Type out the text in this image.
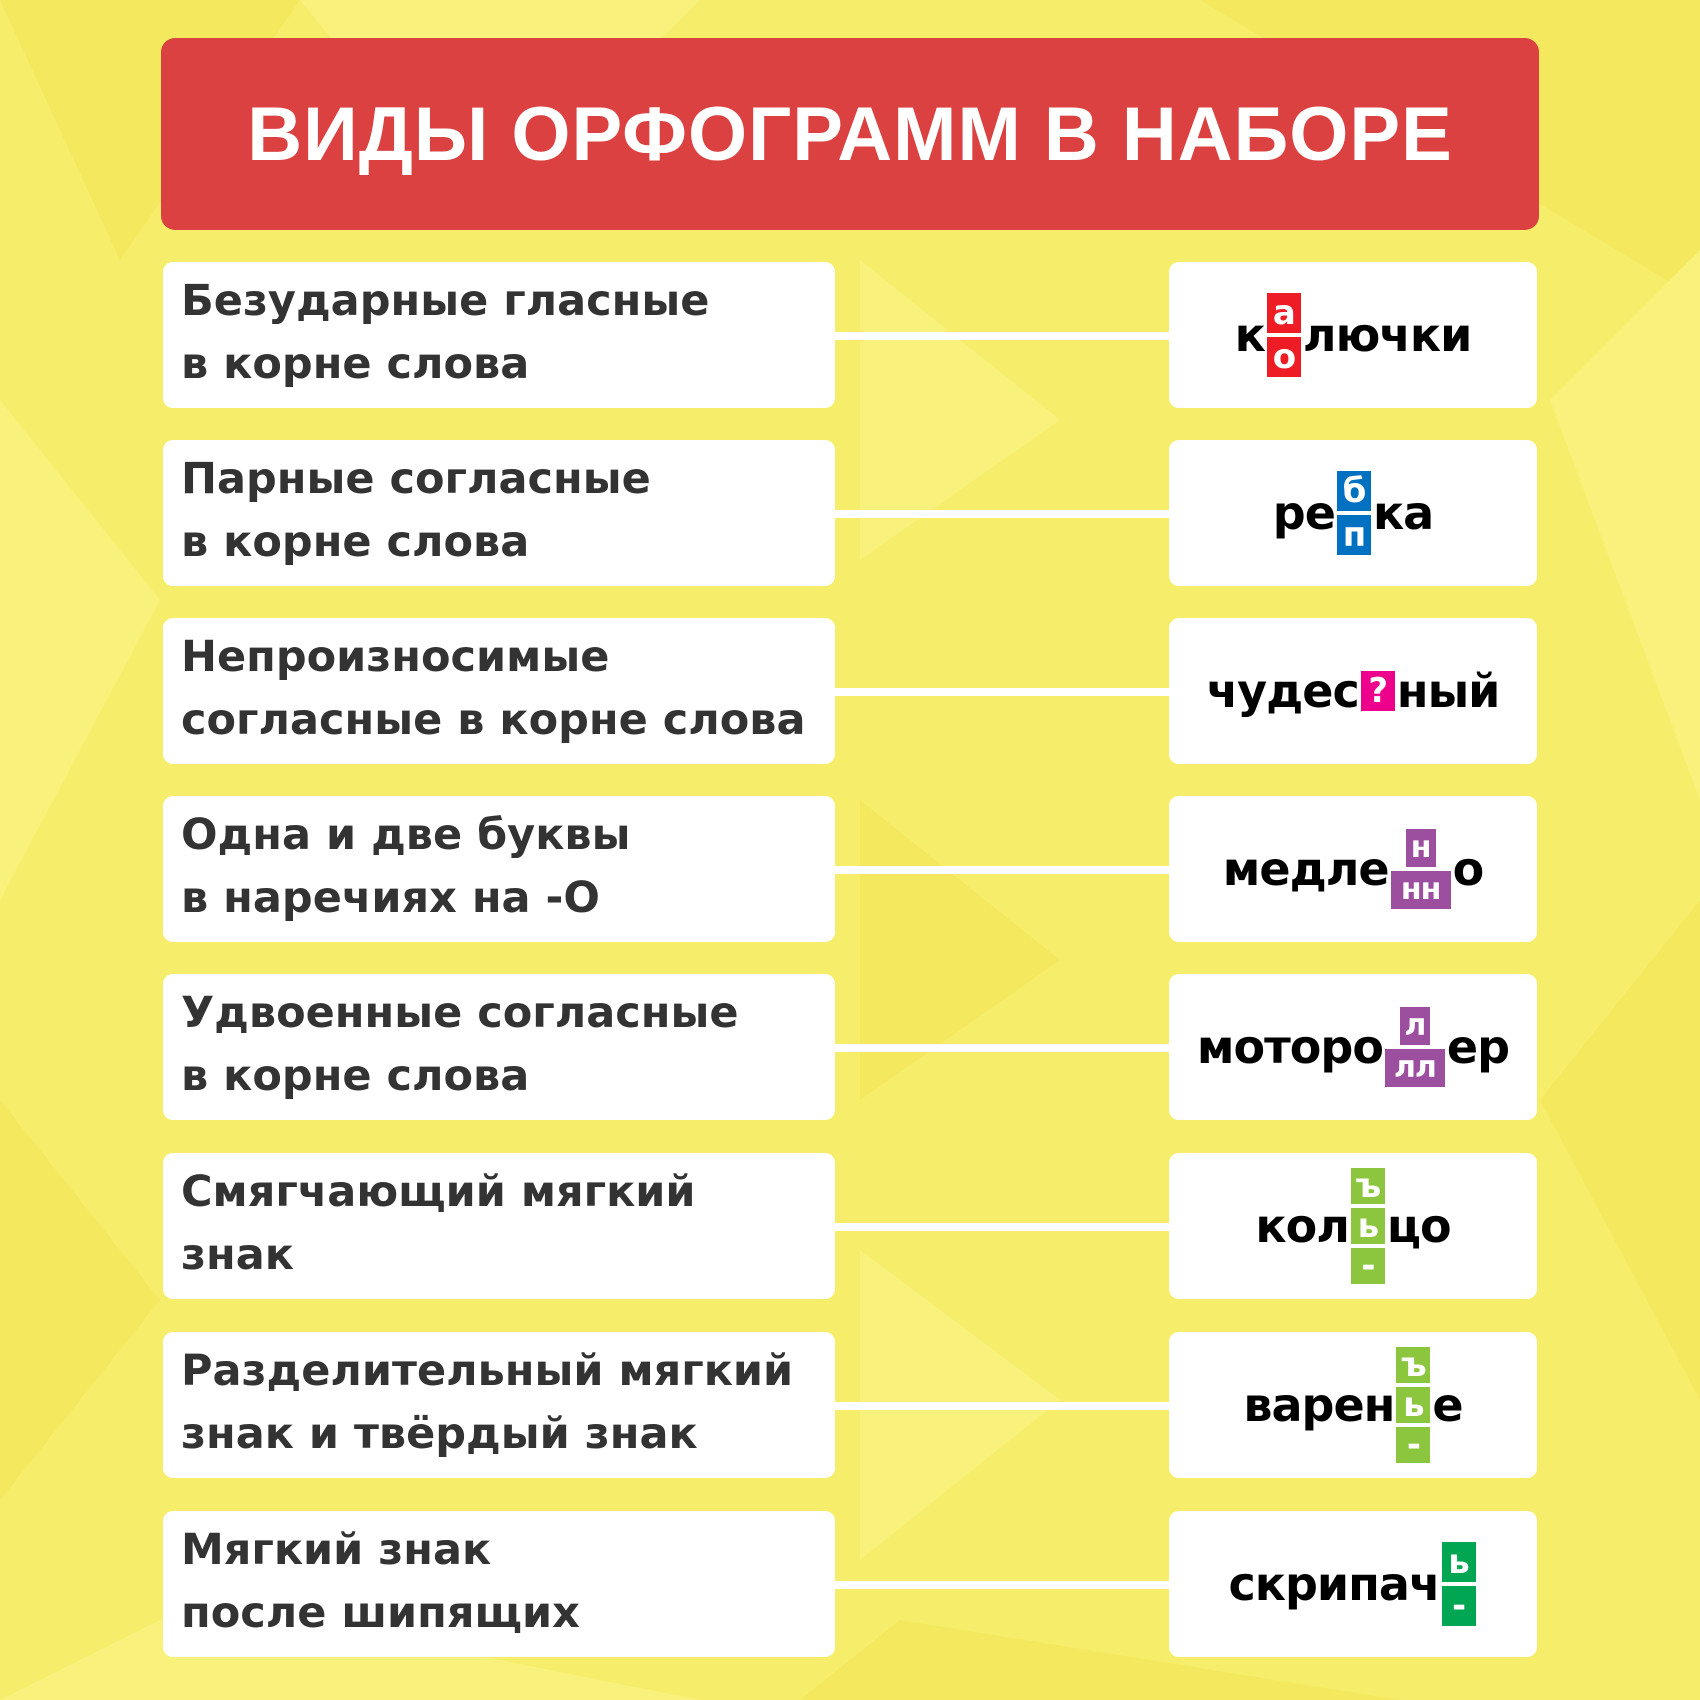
ВИДЫ ОРФОГРАММ В НАБОРЕ
Безударные гласные
в корне слова
к а
о лючки
Парные согласные
в корне слова
ре б
п ка
Непроизносимые
согласные в корне слова
чудес ? ный
Одна и две буквы
в наречиях на -О
медле н
нн о
Удвоенные согласные
в корне слова
моторо л
лл ер
Смягчающий мягкий
знак
кол
ъ
ь
-
цо
Разделительный мягкий
знак и твёрдый знак
варен
ъ
ь
-
е
Мягкий знак
после шипящих
скрипач ь
-
